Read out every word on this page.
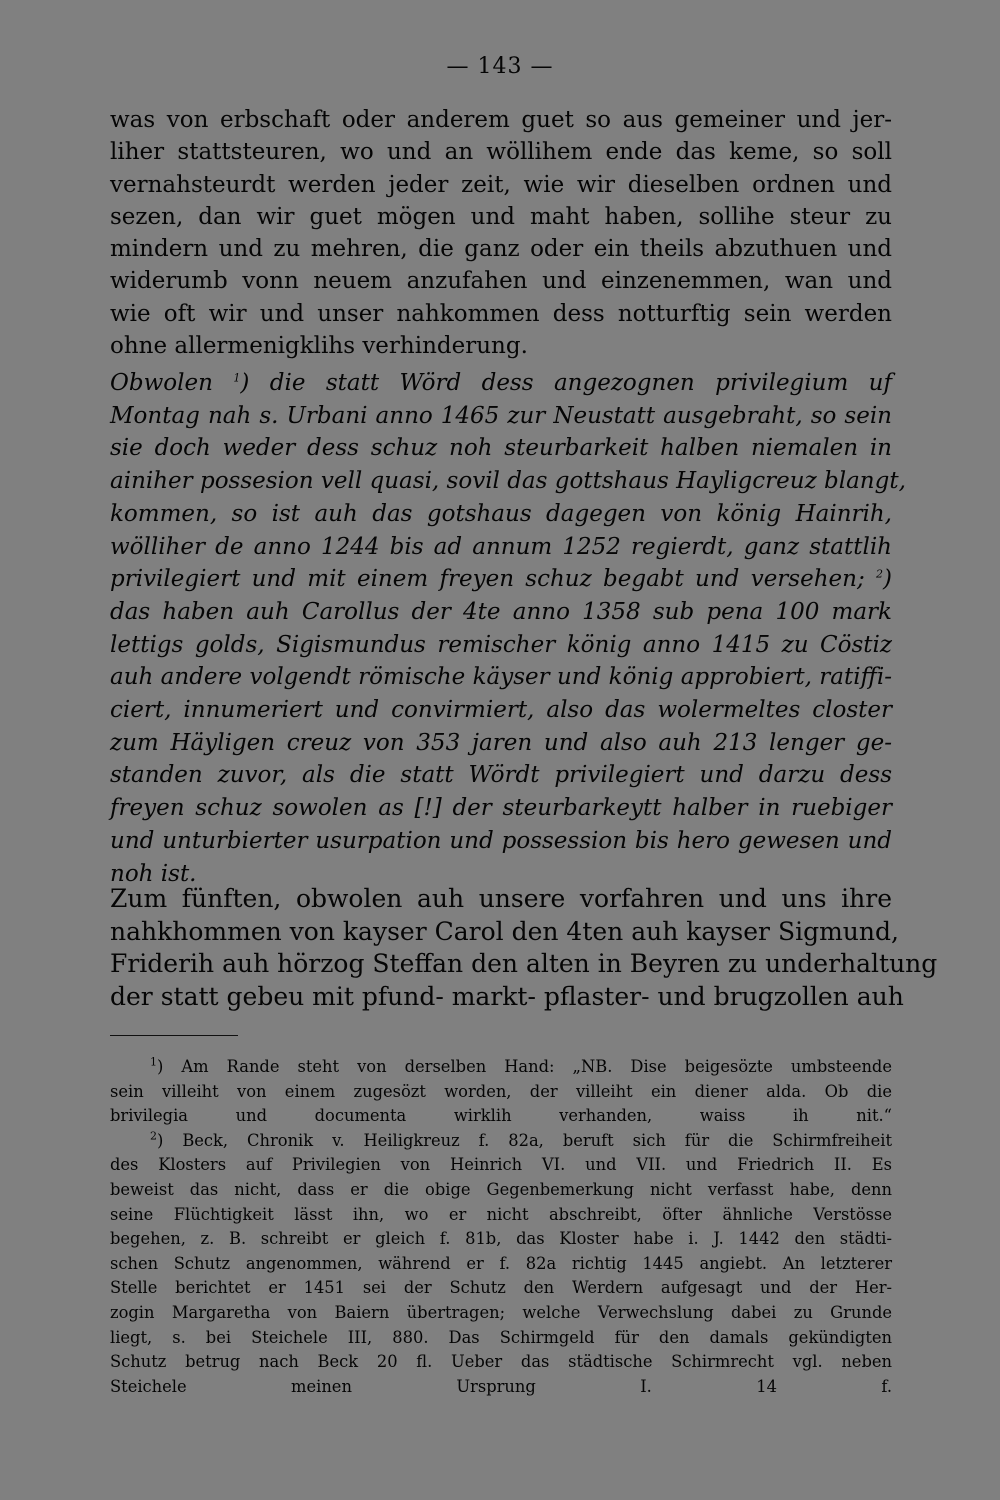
— 143 —
was von erbschaft oder anderem guet so aus gemeiner und jer-
liher stattsteuren, wo und an wöllihem ende das keme, so soll
vernahsteurdt werden jeder zeit, wie wir dieselben ordnen und
sezen, dan wir guet mögen und maht haben, sollihe steur zu
mindern und zu mehren, die ganz oder ein theils abzuthuen und
widerumb vonn neuem anzufahen und einzenemmen, wan und
wie oft wir und unser nahkommen dess notturftig sein werden
ohne allermenigklihs verhinderung.
Obwolen $^1$) die statt Wörd dess angezognen privilegium uf
Montag nah s. Urbani anno 1465 zur Neustatt ausgebraht, so sein
sie doch weder dess schuz noh steurbarkeit halben niemalen in
ainiher possesion vell quasi, sovil das gottshaus Hayligcreuz blangt,
kommen, so ist auh das gotshaus dagegen von könig Hainrih,
wölliher de anno 1244 bis ad annum 1252 regierdt, ganz stattlih
privilegiert und mit einem freyen schuz begabt und versehen; $^2$)
das haben auh Carollus der 4te anno 1358 sub pena 100 mark
lettigs golds, Sigismundus remischer könig anno 1415 zu Cöstiz
auh andere volgendt römische käyser und könig approbiert, ratiffi-
ciert, innumeriert und convirmiert, also das wolermeltes closter
zum Häyligen creuz von 353 jaren und also auh 213 lenger ge-
standen zuvor, als die statt Wördt privilegiert und darzu dess
freyen schuz sowolen as [!] der steurbarkeytt halber in ruebiger
und unturbierter usurpation und possession bis hero gewesen und
noh ist.
Zum fünften, obwolen auh unsere vorfahren und uns ihre
nahkhommen von kayser Carol den 4ten auh kayser Sigmund,
Friderih auh hörzog Steffan den alten in Beyren zu underhaltung
der statt gebeu mit pfund- markt- pflaster- und brugzollen auh
$^1$) Am Rande steht von derselben Hand: „NB. Dise beigesözte umbsteende
sein villeiht von einem zugesözt worden, der villeiht ein diener alda. Ob die
brivilegia und documenta wirklih verhanden, waiss ih nit.“
$^2$) Beck, Chronik v. Heiligkreuz f. 82a, beruft sich für die Schirmfreiheit
des Klosters auf Privilegien von Heinrich VI. und VII. und Friedrich II. Es
beweist das nicht, dass er die obige Gegenbemerkung nicht verfasst habe, denn
seine Flüchtigkeit lässt ihn, wo er nicht abschreibt, öfter ähnliche Verstösse
begehen, z. B. schreibt er gleich f. 81b, das Kloster habe i. J. 1442 den städti-
schen Schutz angenommen, während er f. 82a richtig 1445 angiebt. An letzterer
Stelle berichtet er 1451 sei der Schutz den Werdern aufgesagt und der Her-
zogin Margaretha von Baiern übertragen; welche Verwechslung dabei zu Grunde
liegt, s. bei Steichele III, 880. Das Schirmgeld für den damals gekündigten
Schutz betrug nach Beck 20 fl. Ueber das städtische Schirmrecht vgl. neben
Steichele meinen Ursprung I. 14 f.
